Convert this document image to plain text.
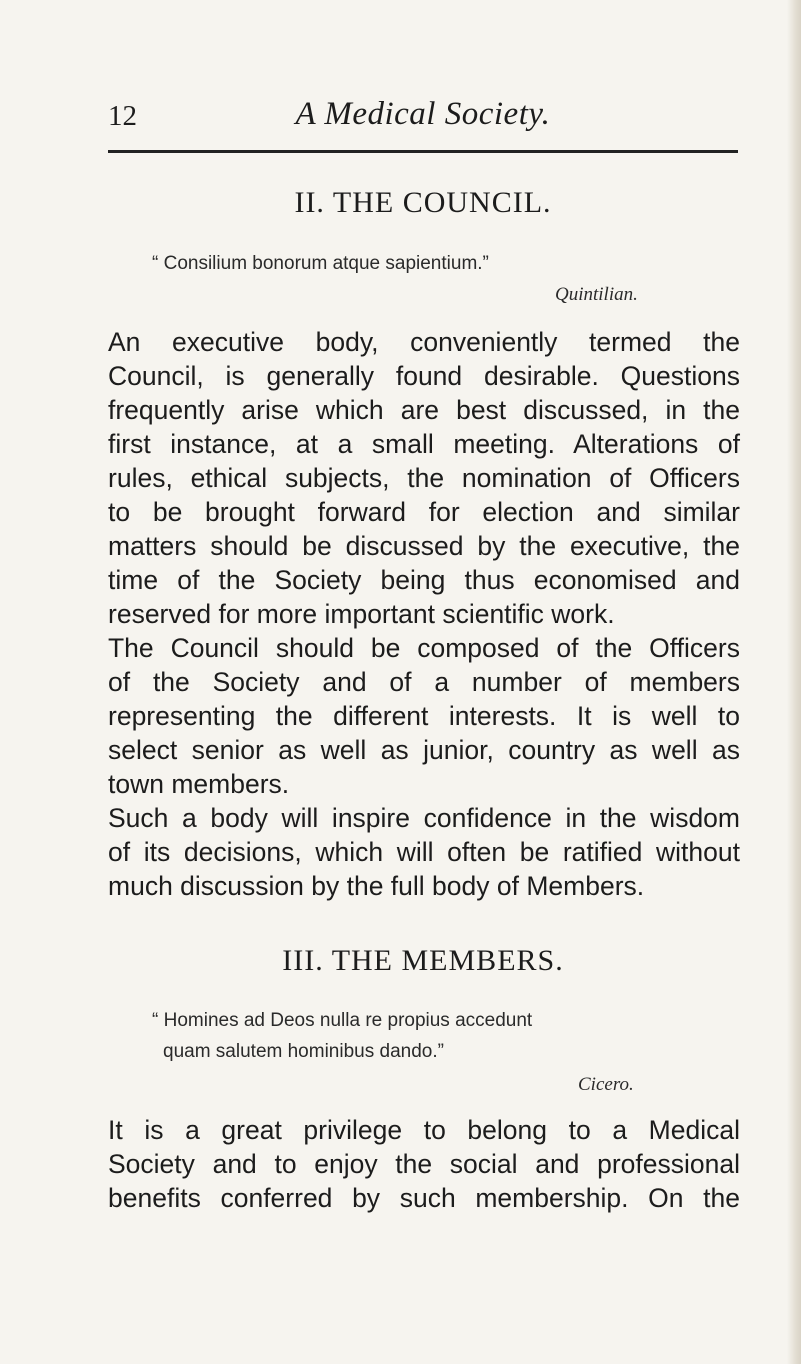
12	A Medical Society.
II. THE COUNCIL.
“ Consilium bonorum atque sapientium.”
Quintilian.
An executive body, conveniently termed the
Council, is generally found desirable. Questions
frequently arise which are best discussed, in the
first instance, at a small meeting. Alterations of
rules, ethical subjects, the nomination of Officers
to be brought forward for election and similar
matters should be discussed by the executive, the
time of the Society being thus economised and
reserved for more important scientific work.
The Council should be composed of the Officers
of the Society and of a number of members
representing the different interests. It is well to
select senior as well as junior, country as well as
town members.
Such a body will inspire confidence in the wisdom
of its decisions, which will often be ratified without
much discussion by the full body of Members.
III. THE MEMBERS.
“ Homines ad Deos nulla re propius accedunt
quam salutem hominibus dando.”
Cicero.
It is a great privilege to belong to a Medical
Society and to enjoy the social and professional
benefits conferred by such membership. On the
